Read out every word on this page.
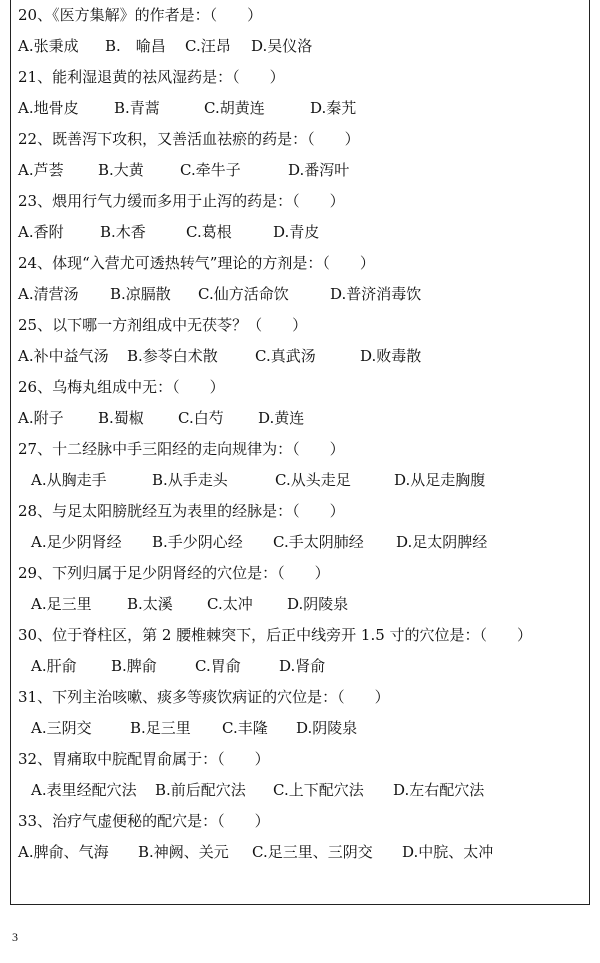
20、《医方集解》的作者是：（　　）
A.张秉成 B.　喻昌 C.汪昂 D.吴仪洛
21、能利湿退黄的祛风湿药是：（　　）
A.地骨皮 B.青蒿	C.胡黄连	D.秦艽
22、既善泻下攻积，又善活血祛瘀的药是：（　　）
A.芦荟 B.大黄 C.牵牛子	D.番泻叶
23、煨用行气力缓而多用于止泻的药是：（　　）
A.香附 B.木香	C.葛根	D.青皮
24、体现“入营尤可透热转气”理论的方剂是：（　　）
A.清营汤 B.凉膈散 C.仙方活命饮	D.普济消毒饮
25、以下哪一方剂组成中无茯苓？（　　）
A.补中益气汤 B.参苓白术散 C.真武汤	D.败毒散
26、乌梅丸组成中无：（　　）
A.附子 B.蜀椒 C.白芍 D.黄连
27、十二经脉中手三阳经的走向规律为：（　　）
A.从胸走手	B.从手走头	C.从头走足	D.从足走胸腹
28、与足太阳膀胱经互为表里的经脉是：（　　）
A.足少阴肾经 B.手少阴心经 C.手太阴肺经 D.足太阴脾经
29、下列归属于足少阴肾经的穴位是：（　　）
A.足三里 B.太溪 C.太冲 D.阴陵泉
30、位于脊柱区，第 2 腰椎棘突下，后正中线旁开 1.5 寸的穴位是：（　　）
A.肝俞 B.脾俞	C.胃俞	D.肾俞
31、下列主治咳嗽、痰多等痰饮病证的穴位是：（　　）
A.三阴交	B.足三里 C.丰隆 D.阴陵泉
32、胃痛取中脘配胃俞属于：（　　）
A.表里经配穴法 B.前后配穴法 C.上下配穴法 D.左右配穴法
33、治疗气虚便秘的配穴是：（　　）
A.脾俞、气海 B.神阙、关元 C.足三里、三阴交 D.中脘、太冲
3
